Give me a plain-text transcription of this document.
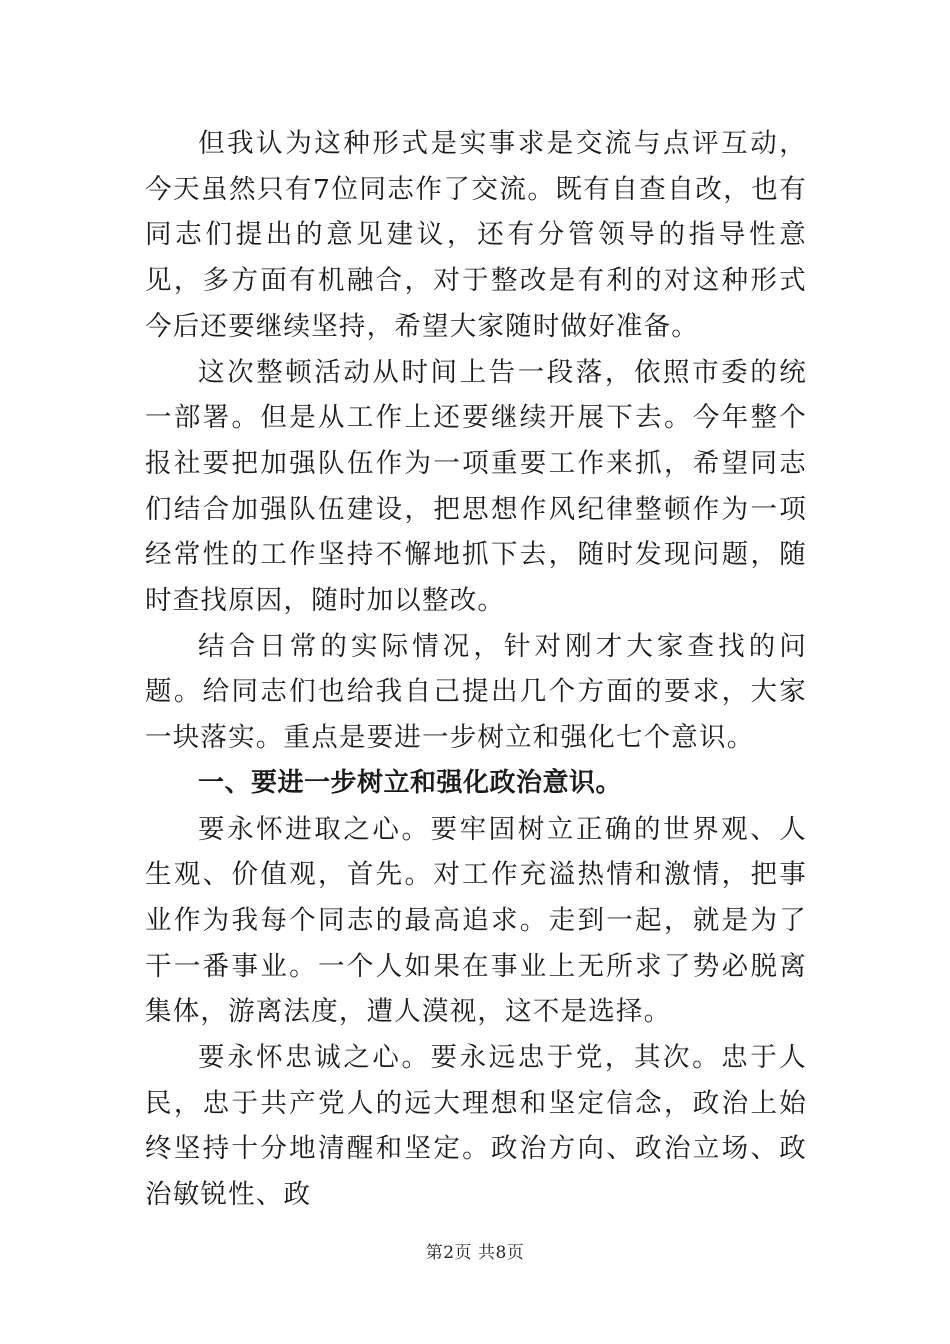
但我认为这种形式是实事求是交流与点评互动，今天虽然只有7位同志作了交流。既有自查自改，也有同志们提出的意见建议，还有分管领导的指导性意见，多方面有机融合，对于整改是有利的对这种形式今后还要继续坚持，希望大家随时做好准备。

这次整顿活动从时间上告一段落，依照市委的统一部署。但是从工作上还要继续开展下去。今年整个报社要把加强队伍作为一项重要工作来抓，希望同志们结合加强队伍建设，把思想作风纪律整顿作为一项经常性的工作坚持不懈地抓下去，随时发现问题，随时查找原因，随时加以整改。

结合日常的实际情况，针对刚才大家查找的问题。给同志们也给我自己提出几个方面的要求，大家一块落实。重点是要进一步树立和强化七个意识。

一、要进一步树立和强化政治意识。

要永怀进取之心。要牢固树立正确的世界观、人生观、价值观，首先。对工作充溢热情和激情，把事业作为我每个同志的最高追求。走到一起，就是为了干一番事业。一个人如果在事业上无所求了势必脱离集体，游离法度，遭人漠视，这不是选择。

要永怀忠诚之心。要永远忠于党，其次。忠于人民，忠于共产党人的远大理想和坚定信念，政治上始终坚持十分地清醒和坚定。政治方向、政治立场、政治敏锐性、政

第2页 共8页
